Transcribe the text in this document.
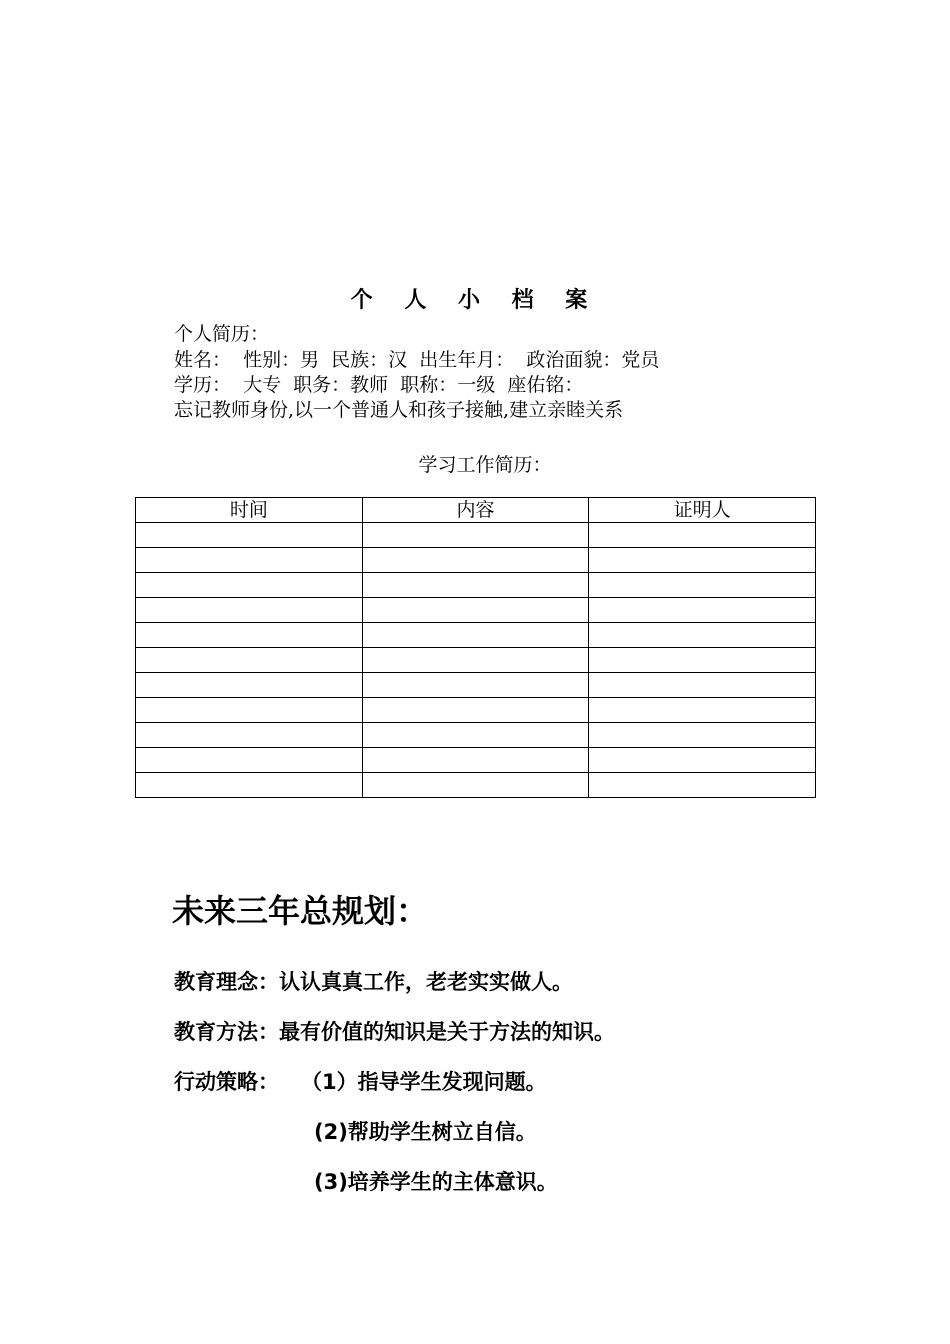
个 人 小 档 案
个人简历：
姓名：  性别：男  民族：汉  出生年月：  政治面貌：党员
学历：  大专  职务：教师  职称：一级  座佑铭：
忘记教师身份,以一个普通人和孩子接触,建立亲睦关系
学习工作简历：
时间	内容	证明人

未来三年总规划：
教育理念：认认真真工作，老老实实做人。
教育方法：最有价值的知识是关于方法的知识。
行动策略： （1）指导学生发现问题。
(2)帮助学生树立自信。
(3)培养学生的主体意识。
